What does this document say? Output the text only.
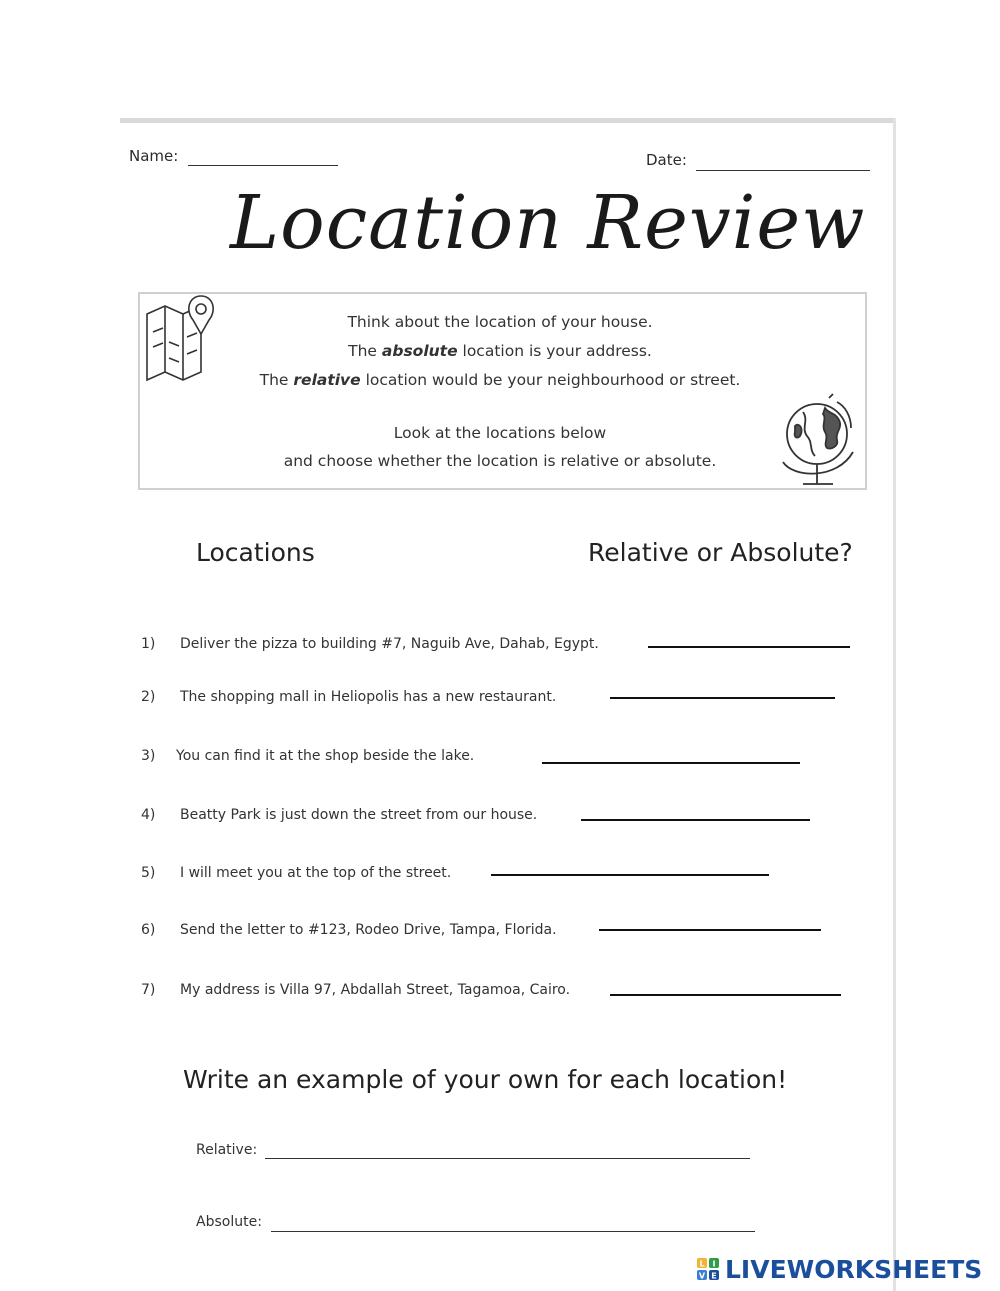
Name:	Date:
Location Review
Think about the location of your house.
The absolute location is your address.
The relative location would be your neighbourhood or street.
Look at the locations below
and choose whether the location is relative or absolute.
Locations	Relative or Absolute?
1) Deliver the pizza to building #7, Naguib Ave, Dahab, Egypt.
2) The shopping mall in Heliopolis has a new restaurant.
3) You can find it at the shop beside the lake.
4) Beatty Park is just down the street from our house.
5) I will meet you at the top of the street.
6) Send the letter to #123, Rodeo Drive, Tampa, Florida.
7) My address is Villa 97, Abdallah Street, Tagamoa, Cairo.
Write an example of your own for each location!
Relative:
Absolute:
L I
V E LIVEWORKSHEETS
